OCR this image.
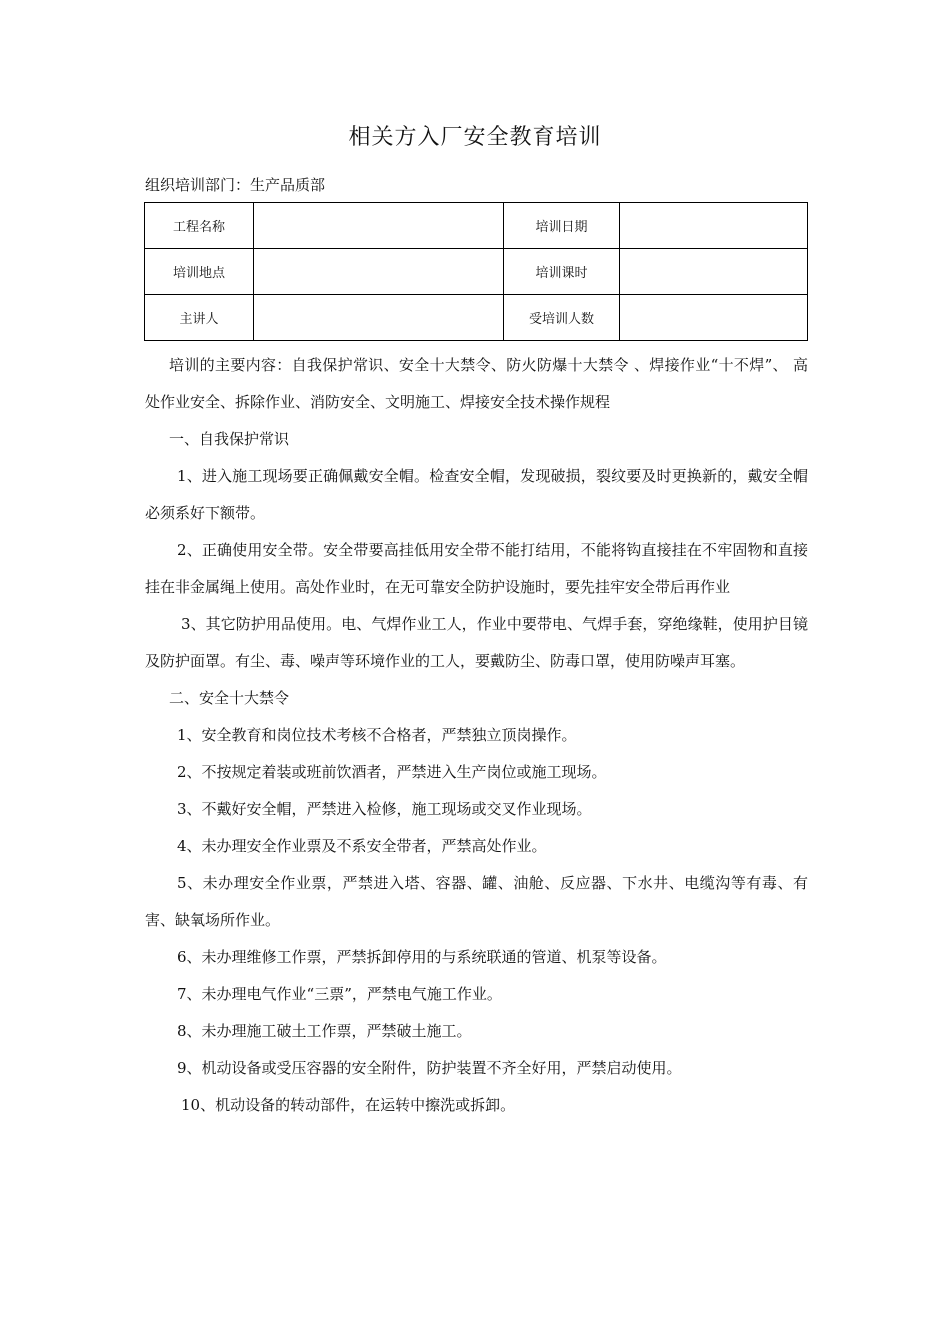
相关方入厂安全教育培训
组织培训部门：生产品质部
工程名称		培训日期	
培训地点		培训课时	
主讲人		受培训人数	

培训的主要内容：自我保护常识、安全十大禁令、防火防爆十大禁令 、焊接作业“十不焊”、 高处作业安全、拆除作业、消防安全、文明施工、焊接安全技术操作规程

一、自我保护常识

1、进入施工现场要正确佩戴安全帽。检查安全帽，发现破损，裂纹要及时更换新的，戴安全帽必须系好下额带。

2、正确使用安全带。安全带要高挂低用安全带不能打结用，不能将钩直接挂在不牢固物和直接挂在非金属绳上使用。高处作业时，在无可靠安全防护设施时，要先挂牢安全带后再作业

3、其它防护用品使用。电、气焊作业工人，作业中要带电、气焊手套，穿绝缘鞋，使用护目镜及防护面罩。有尘、毒、噪声等环境作业的工人，要戴防尘、防毒口罩，使用防噪声耳塞。

二、安全十大禁令

1、安全教育和岗位技术考核不合格者，严禁独立顶岗操作。

2、不按规定着装或班前饮酒者，严禁进入生产岗位或施工现场。

3、不戴好安全帽，严禁进入检修，施工现场或交叉作业现场。

4、未办理安全作业票及不系安全带者，严禁高处作业。

5、未办理安全作业票，严禁进入塔、容器、罐、油舱、反应器、下水井、电缆沟等有毒、有害、缺氧场所作业。

6、未办理维修工作票，严禁拆卸停用的与系统联通的管道、机泵等设备。

7、未办理电气作业“三票”，严禁电气施工作业。

8、未办理施工破土工作票，严禁破土施工。

9、机动设备或受压容器的安全附件，防护装置不齐全好用，严禁启动使用。

10、机动设备的转动部件，在运转中擦洗或拆卸。
